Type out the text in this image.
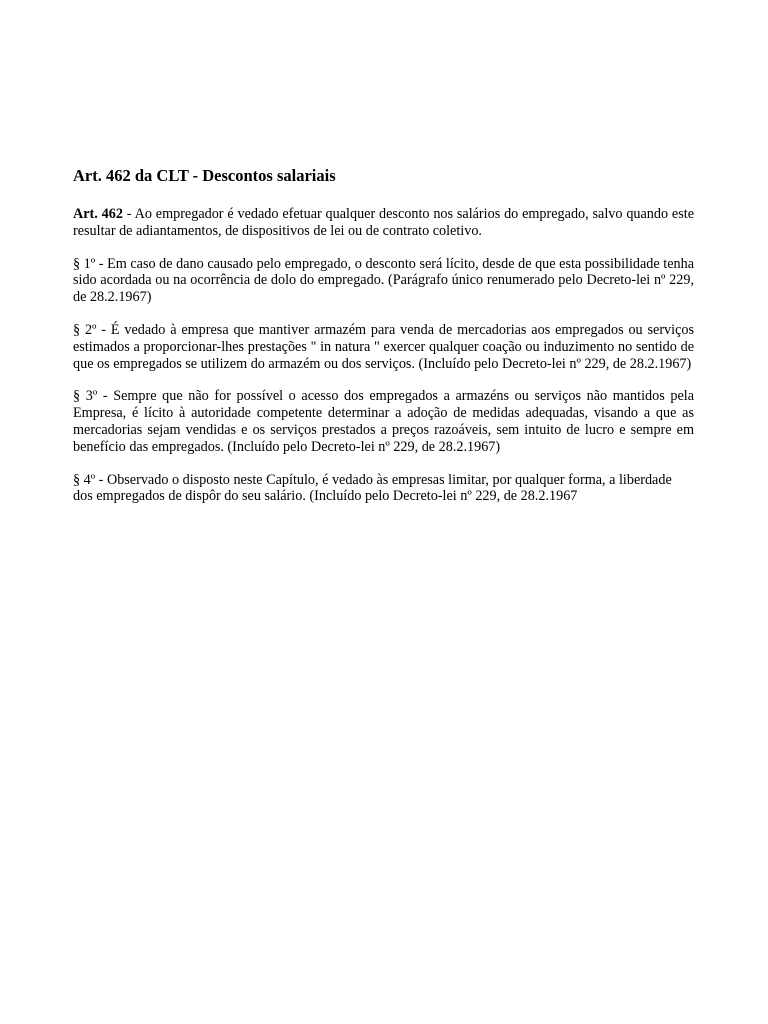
Art. 462 da CLT - Descontos salariais

Art. 462 - Ao empregador é vedado efetuar qualquer desconto nos salários do empregado, salvo quando este resultar de adiantamentos, de dispositivos de lei ou de contrato coletivo.

§ 1º - Em caso de dano causado pelo empregado, o desconto será lícito, desde de que esta possibilidade tenha sido acordada ou na ocorrência de dolo do empregado. (Parágrafo único renumerado pelo Decreto-lei nº 229, de 28.2.1967)

§ 2º - É vedado à empresa que mantiver armazém para venda de mercadorias aos empregados ou serviços estimados a proporcionar-lhes prestações " in natura " exercer qualquer coação ou induzimento no sentido de que os empregados se utilizem do armazém ou dos serviços. (Incluído pelo Decreto-lei nº 229, de 28.2.1967)

§ 3º - Sempre que não for possível o acesso dos empregados a armazéns ou serviços não mantidos pela Empresa, é lícito à autoridade competente determinar a adoção de medidas adequadas, visando a que as mercadorias sejam vendidas e os serviços prestados a preços razoáveis, sem intuito de lucro e sempre em benefício das empregados. (Incluído pelo Decreto-lei nº 229, de 28.2.1967)

§ 4º - Observado o disposto neste Capítulo, é vedado às empresas limitar, por qualquer forma, a liberdade dos empregados de dispôr do seu salário. (Incluído pelo Decreto-lei nº 229, de 28.2.1967
